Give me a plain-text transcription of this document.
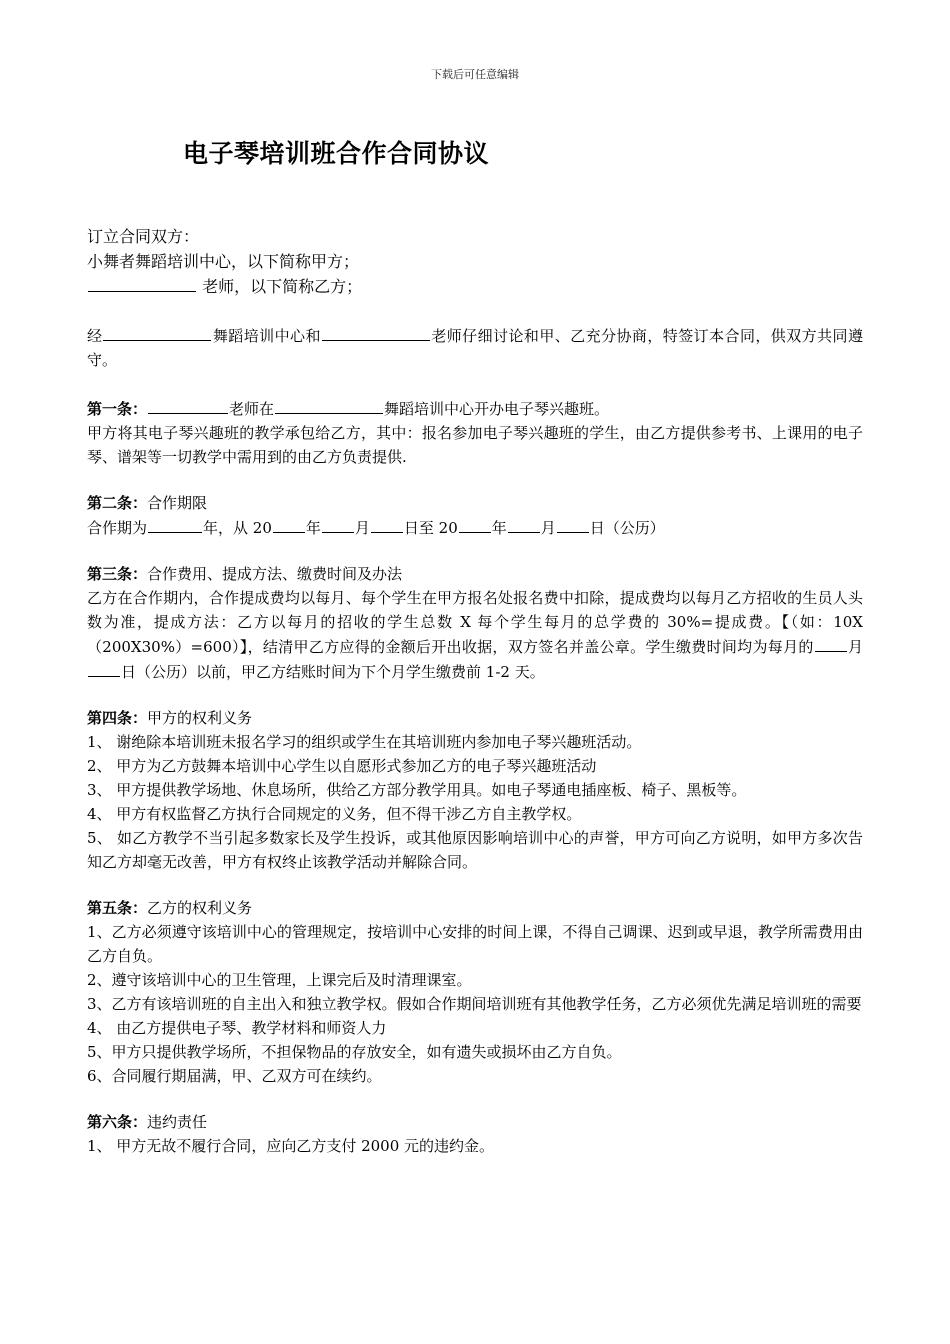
下载后可任意编辑
电子琴培训班合作合同协议

订立合同双方：

小舞者舞蹈培训中心，以下简称甲方；

老师，以下简称乙方；

经	舞蹈培训中心和	老师仔细讨论和甲、乙充分协商，特签订本合同，供双方共同遵守。

第一条：	老师在	舞蹈培训中心开办电子琴兴趣班。

甲方将其电子琴兴趣班的教学承包给乙方，其中：报名参加电子琴兴趣班的学生，由乙方提供参考书、上课用的电子琴、谱架等一切教学中需用到的由乙方负责提供.

第二条：合作期限

合作期为	年，从 20 年 月 日至 20 年 月 日（公历）

第三条：合作费用、提成方法、缴费时间及办法

乙方在合作期内，合作提成费均以每月、每个学生在甲方报名处报名费中扣除，提成费均以每月乙方招收的生员人头数为准，提成方法：乙方以每月的招收的学生总数 X 每个学生每月的总学费的 30%=提成费。【（如：10X（200X30%）=600）】，结清甲乙方应得的金额后开出收据，双方签名并盖公章。学生缴费时间均为每月的 月日（公历）以前，甲乙方结账时间为下个月学生缴费前 1-2 天。

第四条：甲方的权利义务

1、 谢绝除本培训班未报名学习的组织或学生在其培训班内参加电子琴兴趣班活动。

2、 甲方为乙方鼓舞本培训中心学生以自愿形式参加乙方的电子琴兴趣班活动

3、 甲方提供教学场地、休息场所，供给乙方部分教学用具。如电子琴通电插座板、椅子、黑板等。

4、 甲方有权监督乙方执行合同规定的义务，但不得干涉乙方自主教学权。

5、 如乙方教学不当引起多数家长及学生投诉，或其他原因影响培训中心的声誉，甲方可向乙方说明，如甲方多次告知乙方却毫无改善，甲方有权终止该教学活动并解除合同。

第五条：乙方的权利义务

1、乙方必须遵守该培训中心的管理规定，按培训中心安排的时间上课，不得自己调课、迟到或早退，教学所需费用由乙方自负。

2、遵守该培训中心的卫生管理，上课完后及时清理课室。

3、乙方有该培训班的自主出入和独立教学权。假如合作期间培训班有其他教学任务，乙方必须优先满足培训班的需要

4、 由乙方提供电子琴、教学材料和师资人力

5、甲方只提供教学场所，不担保物品的存放安全，如有遗失或损坏由乙方自负。

6、合同履行期届满，甲、乙双方可在续约。

第六条：违约责任

1、 甲方无故不履行合同，应向乙方支付 2000 元的违约金。
